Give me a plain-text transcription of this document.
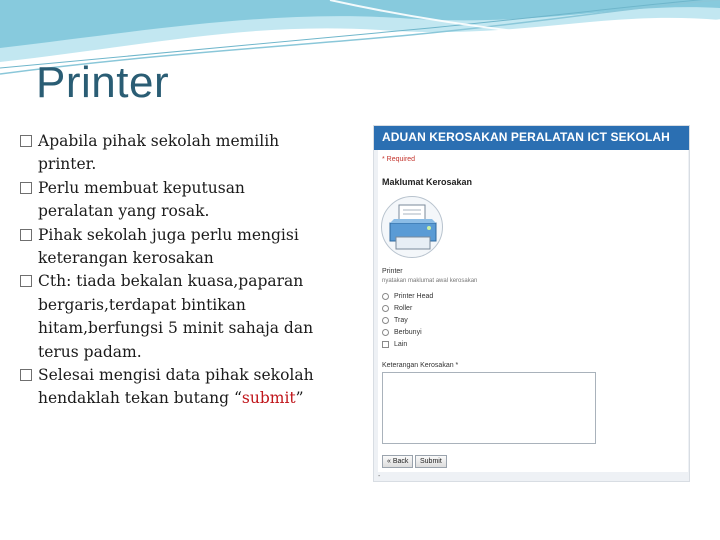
Printer
Apabila pihak sekolah memilih
printer.
Perlu membuat keputusan
peralatan yang rosak.
Pihak sekolah juga perlu mengisi
keterangan kerosakan
Cth: tiada bekalan kuasa,paparan
bergaris,terdapat bintikan
hitam,berfungsi 5 minit sahaja dan
terus padam.
Selesai mengisi data pihak sekolah
hendaklah tekan butang “submit”
ADUAN KEROSAKAN PERALATAN ICT SEKOLAH
* Required
Maklumat Kerosakan
Printer
nyatakan maklumat awal kerosakan
Printer Head
Roller
Tray
Berbunyi
Lain
Keterangan Kerosakan *
« Back	Submit
-
